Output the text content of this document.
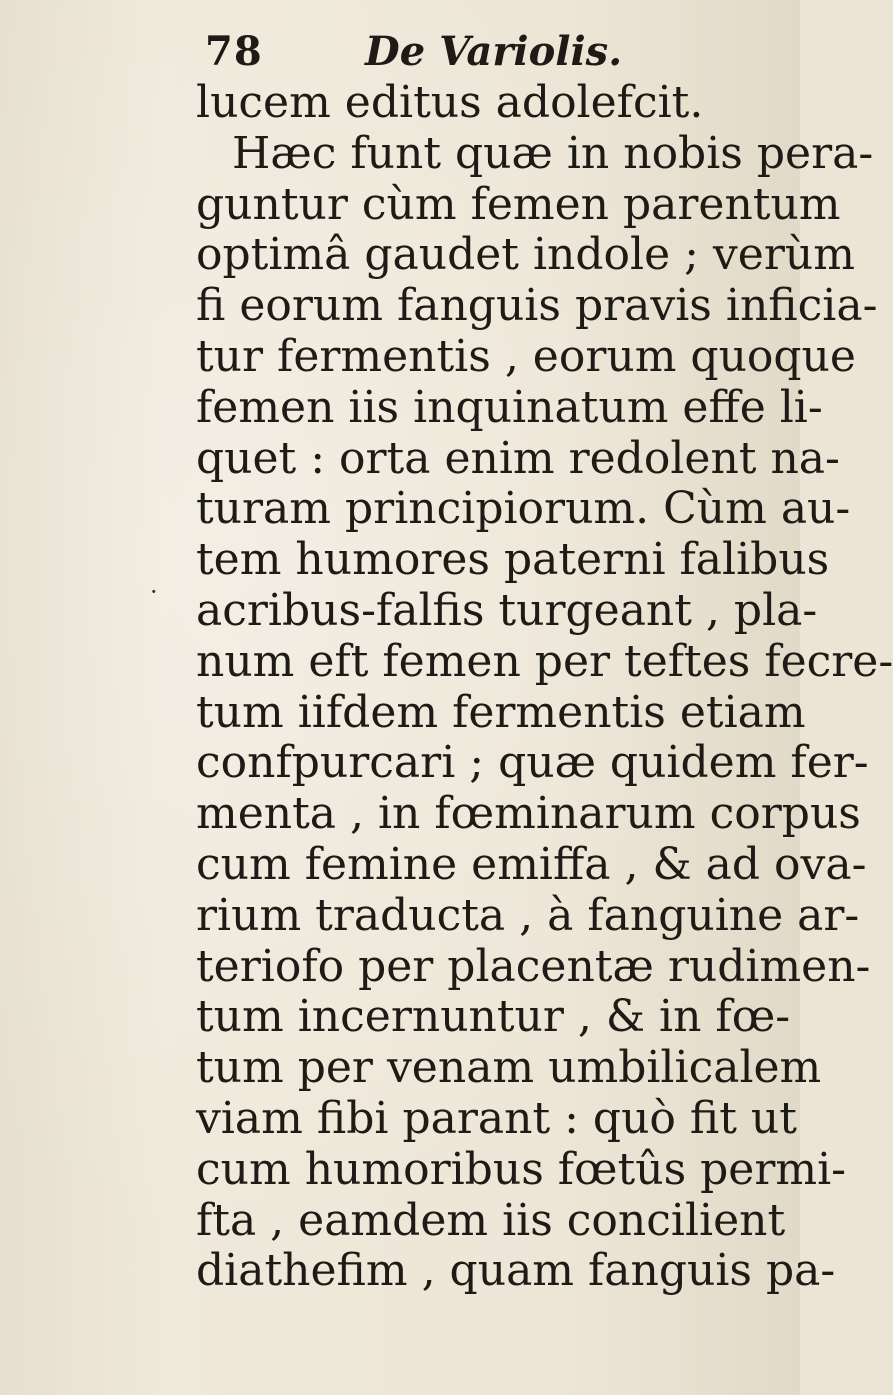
78	De Variolis.
lucem editus adolefcit.
Hæc funt quæ in nobis pera-
guntur cùm femen parentum
optimâ gaudet indole ; verùm
fi eorum fanguis pravis inficia-
tur fermentis , eorum quoque
femen iis inquinatum effe li-
quet : orta enim redolent na-
turam principiorum. Cùm au-
tem humores paterni falibus
acribus-falfis turgeant , pla-
num eft femen per teftes fecre-
tum iifdem fermentis etiam
confpurcari ; quæ quidem fer-
menta , in fœminarum corpus
cum femine emiffa , & ad ova-
rium traducta , à fanguine ar-
teriofo per placentæ rudimen-
tum incernuntur , & in fœ-
tum per venam umbilicalem
viam fibi parant : quò fit ut
cum humoribus fœtûs permi-
fta , eamdem iis concilient
diathefim , quam fanguis pa-
·
